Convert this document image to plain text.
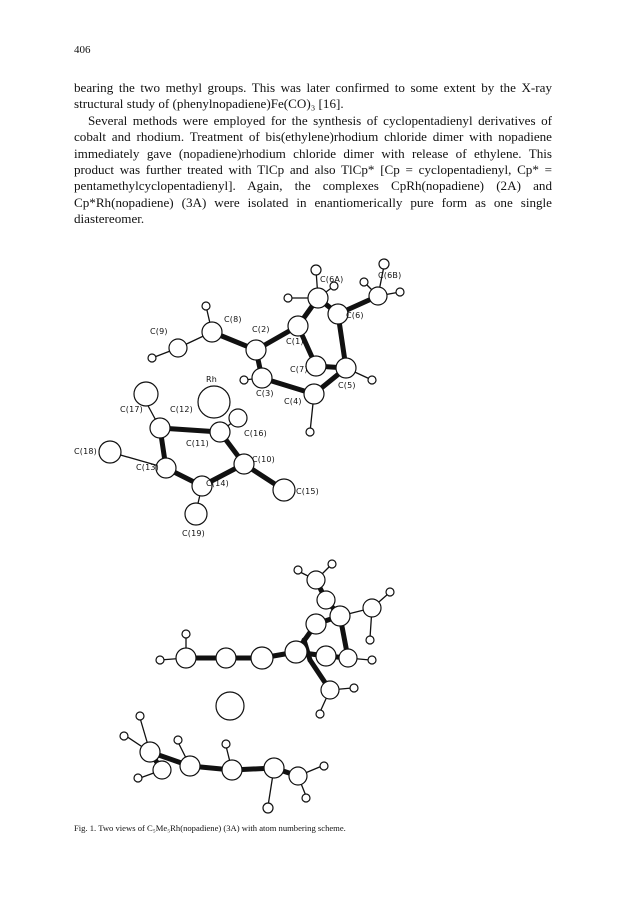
406

bearing the two methyl groups. This was later confirmed to some extent by the X-ray structural study of (phenylnopadiene)Fe(CO)₃ [16].

Several methods were employed for the synthesis of cyclopentadienyl derivatives of cobalt and rhodium. Treatment of bis(ethylene)rhodium chloride dimer with nopadiene immediately gave (nopadiene)rhodium chloride dimer with release of ethylene. This product was further treated with TlCp and also TlCp* [Cp = cyclopentadienyl, Cp* = pentamethylcyclopentadienyl]. Again, the complexes CpRh(nopadiene) (2A) and Cp*Rh(nopadiene) (3A) were isolated in enantiomerically pure form as one single diastereomer.

C(6B)
C(6A)
C(6)
C(8)
C(2)
C(9)
C(1)
C(7)
C(5)
Rh
C(3)
C(4)
C(17)	C(12)
C(16)
C(11)
C(18)
C(13)
C(10)
C(14)
C(15)
C(19)
Fig. 1. Two views of C₅Me₅Rh(nopadiene) (3A) with atom numbering scheme.
